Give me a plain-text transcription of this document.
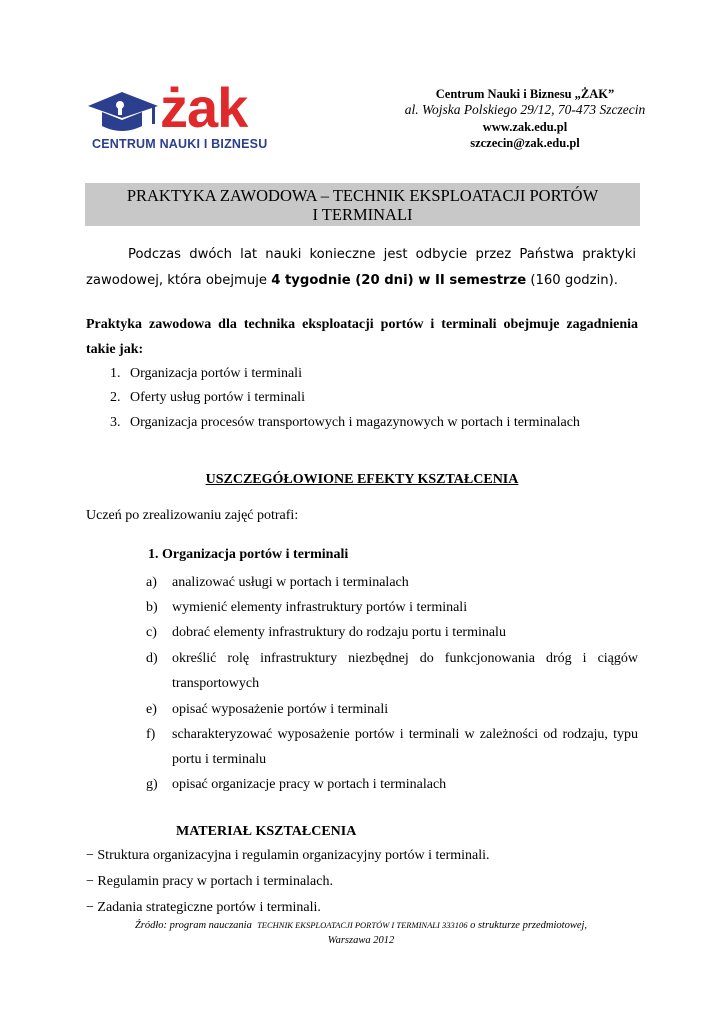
żak
CENTRUM NAUKI I BIZNESU
Centrum Nauki i Biznesu „ŻAK”
al. Wojska Polskiego 29/12, 70-473 Szczecin
www.zak.edu.pl
szczecin@zak.edu.pl
PRAKTYKA ZAWODOWA – TECHNIK EKSPLOATACJI PORTÓW
I TERMINALI
Podczas dwóch lat nauki konieczne jest odbycie przez Państwa praktyki zawodowej, która obejmuje 4 tygodnie (20 dni) w II semestrze (160 godzin).
Praktyka zawodowa dla technika eksploatacji portów i terminali obejmuje zagadnienia takie jak:
1. Organizacja portów i terminali
2. Oferty usług portów i terminali
3. Organizacja procesów transportowych i magazynowych w portach i terminalach
USZCZEGÓŁOWIONE EFEKTY KSZTAŁCENIA
Uczeń po zrealizowaniu zajęć potrafi:
1. Organizacja portów i terminali
a) analizować usługi w portach i terminalach
b) wymienić elementy infrastruktury portów i terminali
c) dobrać elementy infrastruktury do rodzaju portu i terminalu
d) określić rolę infrastruktury niezbędnej do funkcjonowania dróg i ciągów transportowych
e) opisać wyposażenie portów i terminali
f) scharakteryzować wyposażenie portów i terminali w zależności od rodzaju, typu portu i terminalu
g) opisać organizacje pracy w portach i terminalach
MATERIAŁ KSZTAŁCENIA
− Struktura organizacyjna i regulamin organizacyjny portów i terminali.
− Regulamin pracy w portach i terminalach.
− Zadania strategiczne portów i terminali.
Źródło: program nauczania TECHNIK EKSPLOATACJI PORTÓW I TERMINALI 333106 o strukturze przedmiotowej,
Warszawa 2012
